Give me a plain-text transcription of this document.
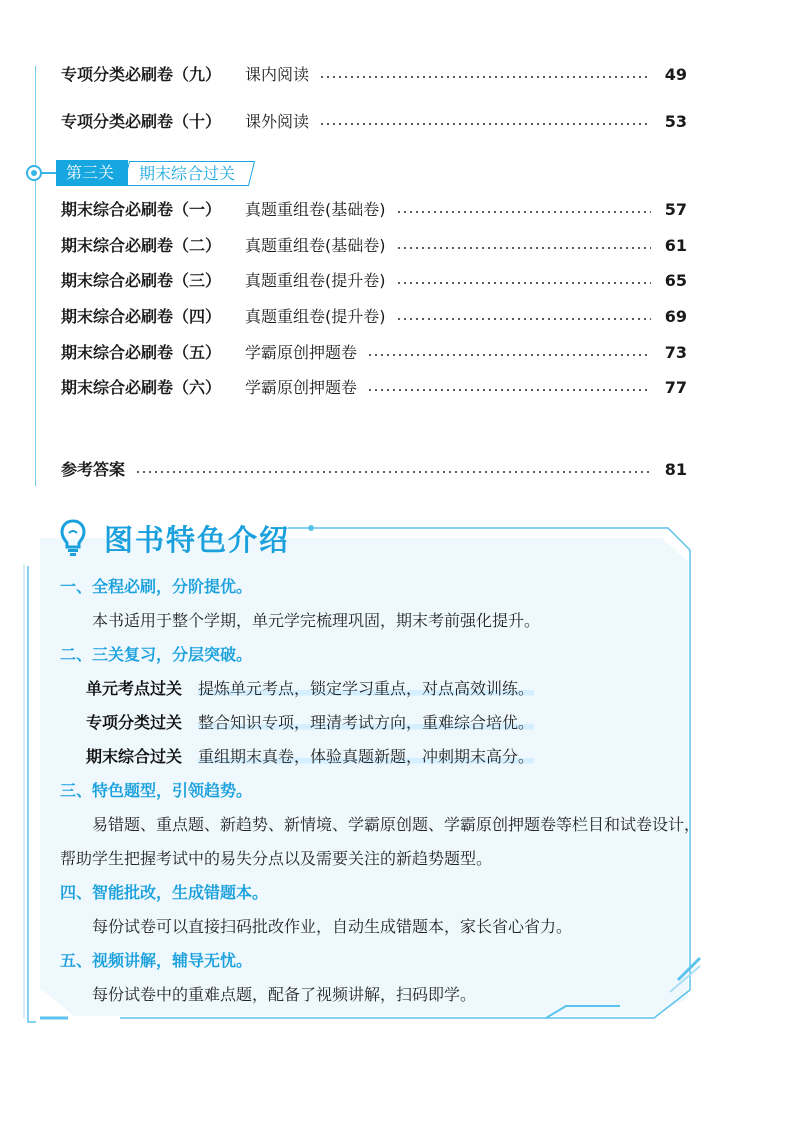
专项分类必刷卷（九） 课内阅读	49
专项分类必刷卷（十） 课外阅读	53
第三关	期末综合过关
期末综合必刷卷（一） 真题重组卷(基础卷)	57
期末综合必刷卷（二） 真题重组卷(基础卷)	61
期末综合必刷卷（三） 真题重组卷(提升卷)	65
期末综合必刷卷（四） 真题重组卷(提升卷)	69
期末综合必刷卷（五） 学霸原创押题卷	73
期末综合必刷卷（六） 学霸原创押题卷	77
参考答案	81
图书特色介绍
一、全程必刷，分阶提优。
本书适用于整个学期，单元学完梳理巩固，期末考前强化提升。
二、三关复习，分层突破。
单元考点过关 提炼单元考点，锁定学习重点，对点高效训练。
专项分类过关 整合知识专项，理清考试方向，重难综合培优。
期末综合过关 重组期末真卷，体验真题新题，冲刺期末高分。
三、特色题型，引领趋势。
易错题、重点题、新趋势、新情境、学霸原创题、学霸原创押题卷等栏目和试卷设计，帮助学生把握考试中的易失分点以及需要关注的新趋势题型。
四、智能批改，生成错题本。
每份试卷可以直接扫码批改作业，自动生成错题本，家长省心省力。
五、视频讲解，辅导无忧。
每份试卷中的重难点题，配备了视频讲解，扫码即学。
